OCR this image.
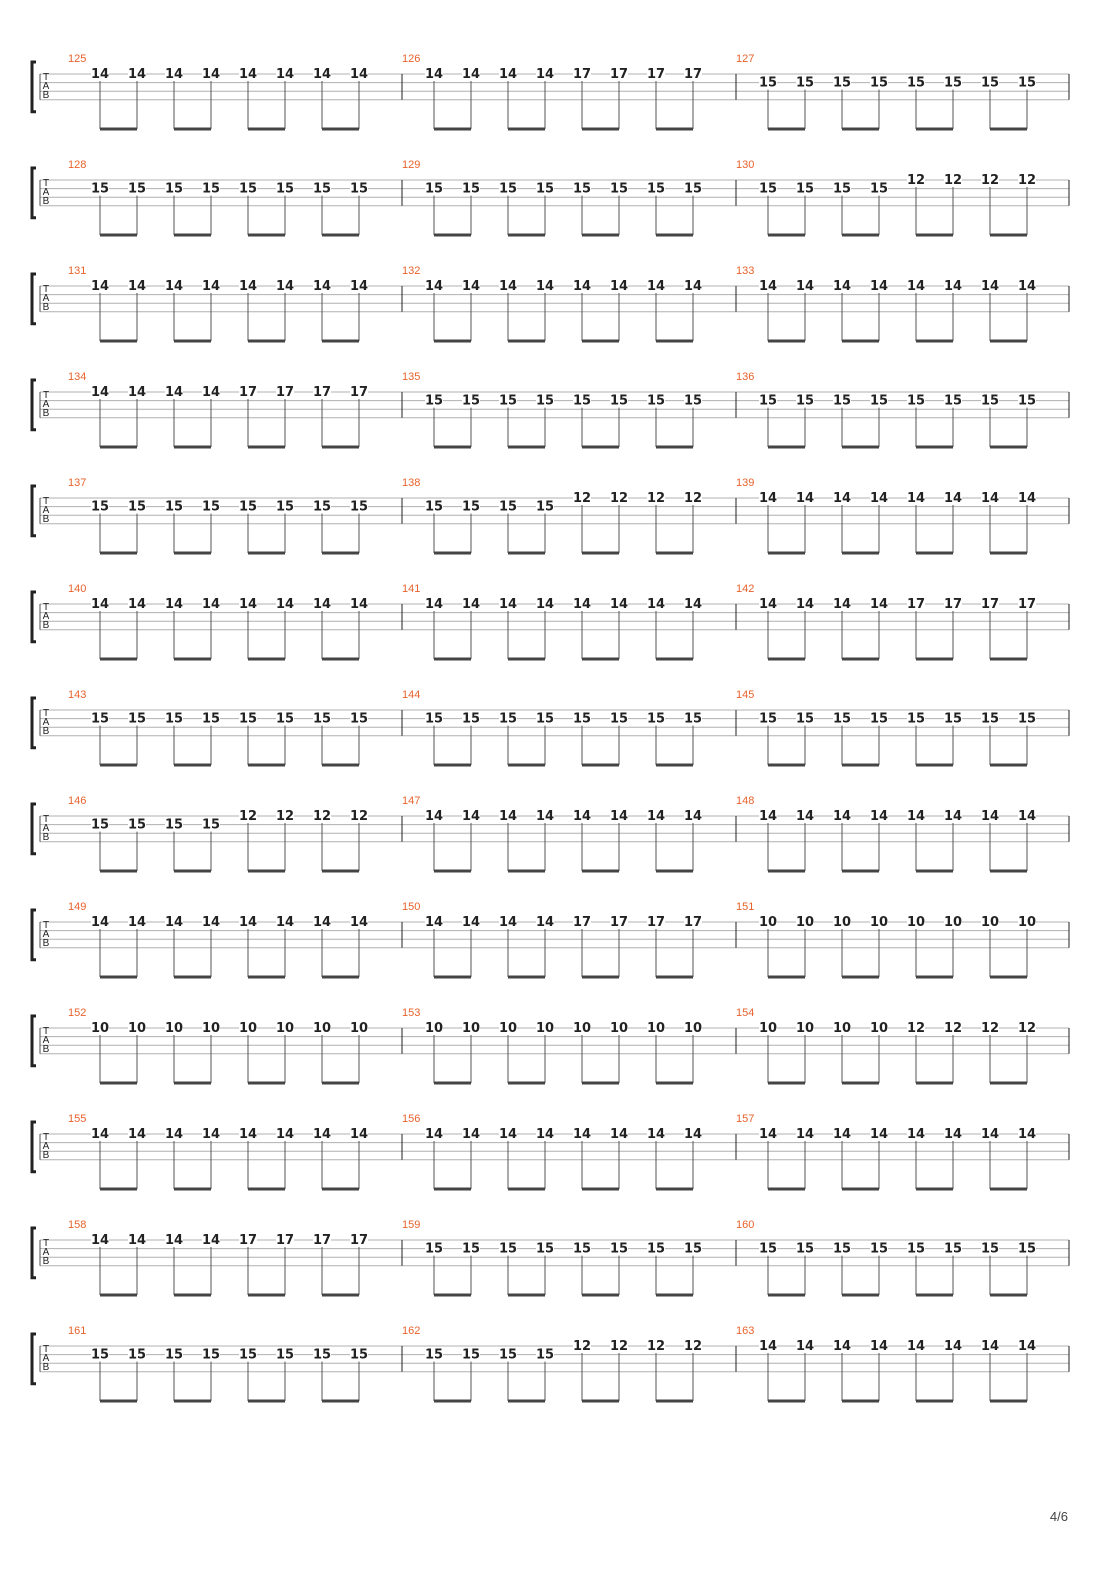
T
A
B
125
14 14 14 14 14 14 14 14
126
14 14 14 14 17 17 17 17
127
15 15 15 15 15 15 15 15
T
A
B
128
15 15 15 15 15 15 15 15
129
15 15 15 15 15 15 15 15
130
15 15 15 15
12 12 12 12
T
A
B
131
14 14 14 14 14 14 14 14
132
14 14 14 14 14 14 14 14
133
14 14 14 14 14 14 14 14
T
A
B
134
14 14 14 14 17 17 17 17
135
15 15 15 15 15 15 15 15
136
15 15 15 15 15 15 15 15
T
A
B
137
15 15 15 15 15 15 15 15
138
15 15 15 15
12 12 12 12
139
14 14 14 14 14 14 14 14
T
A
B
140
14 14 14 14 14 14 14 14
141
14 14 14 14 14 14 14 14
142
14 14 14 14 17 17 17 17
T
A
B
143
15 15 15 15 15 15 15 15
144
15 15 15 15 15 15 15 15
145
15 15 15 15 15 15 15 15
T
A
B
146
15 15 15 15
12 12 12 12
147
14 14 14 14 14 14 14 14
148
14 14 14 14 14 14 14 14
T
A
B
149
14 14 14 14 14 14 14 14
150
14 14 14 14 17 17 17 17
151
10 10 10 10 10 10 10 10
T
A
B
152
10 10 10 10 10 10 10 10
153
10 10 10 10 10 10 10 10
154
10 10 10 10 12 12 12 12
T
A
B
155
14 14 14 14 14 14 14 14
156
14 14 14 14 14 14 14 14
157
14 14 14 14 14 14 14 14
T
A
B
158
14 14 14 14 17 17 17 17
159
15 15 15 15 15 15 15 15
160
15 15 15 15 15 15 15 15
T
A
B
161
15 15 15 15 15 15 15 15
162
15 15 15 15
12 12 12 12
163
14 14 14 14 14 14 14 14
4/6
